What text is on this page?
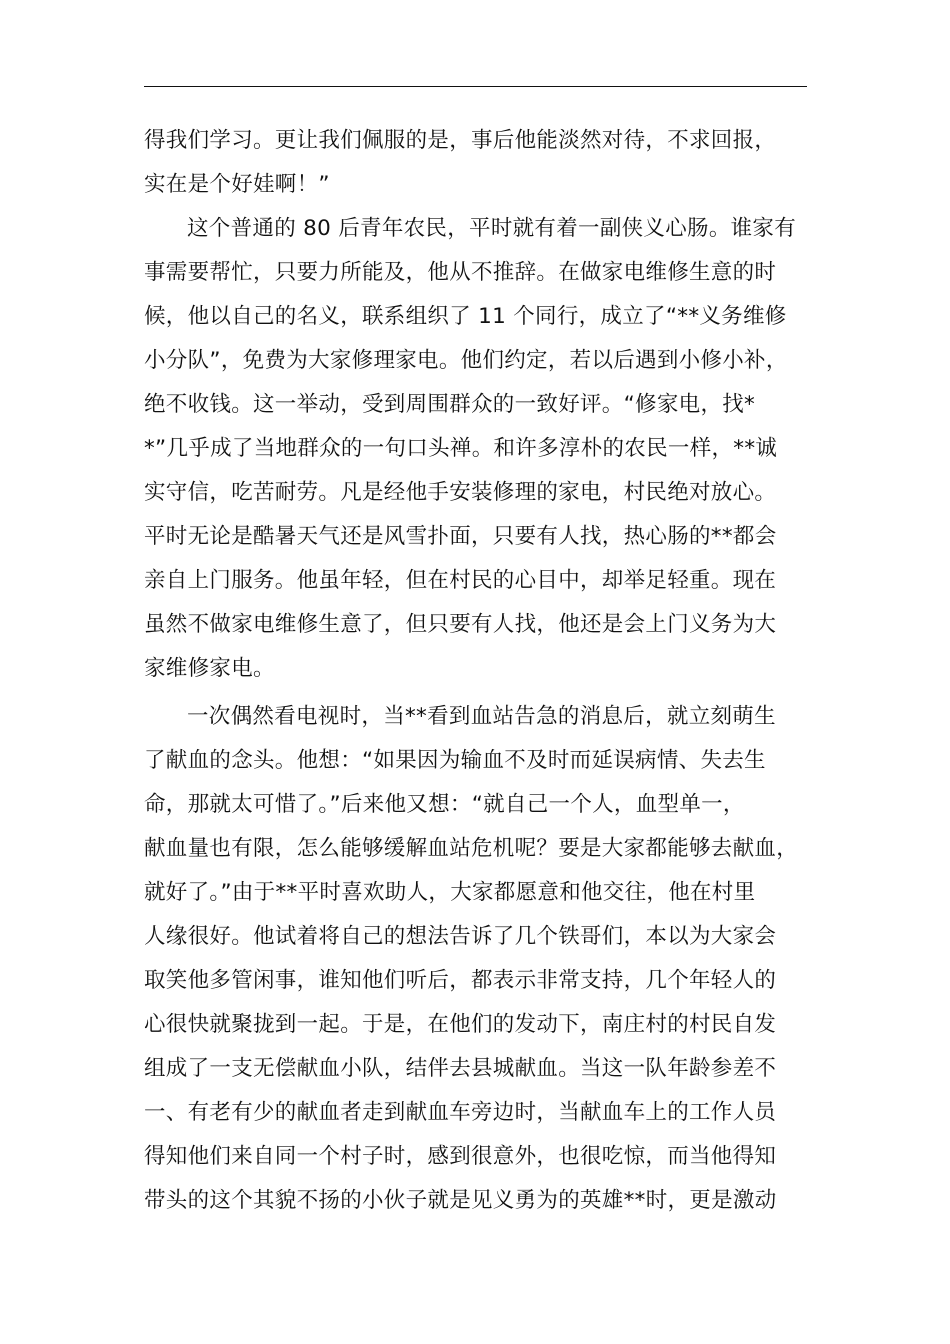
得我们学习。更让我们佩服的是，事后他能淡然对待，不求回报，
实在是个好娃啊！”
这个普通的 80 后青年农民，平时就有着一副侠义心肠。谁家有
事需要帮忙，只要力所能及，他从不推辞。在做家电维修生意的时
候，他以自己的名义，联系组织了 11 个同行，成立了“**义务维修
小分队”，免费为大家修理家电。他们约定，若以后遇到小修小补，
绝不收钱。这一举动，受到周围群众的一致好评。“修家电，找*
*”几乎成了当地群众的一句口头禅。和许多淳朴的农民一样，**诚
实守信，吃苦耐劳。凡是经他手安装修理的家电，村民绝对放心。
平时无论是酷暑天气还是风雪扑面，只要有人找，热心肠的**都会
亲自上门服务。他虽年轻，但在村民的心目中，却举足轻重。现在
虽然不做家电维修生意了，但只要有人找，他还是会上门义务为大
家维修家电。
一次偶然看电视时，当**看到血站告急的消息后，就立刻萌生
了献血的念头。他想：“如果因为输血不及时而延误病情、失去生
命，那就太可惜了。”后来他又想：“就自己一个人，血型单一，
献血量也有限，怎么能够缓解血站危机呢？要是大家都能够去献血，
就好了。”由于**平时喜欢助人，大家都愿意和他交往，他在村里
人缘很好。他试着将自己的想法告诉了几个铁哥们，本以为大家会
取笑他多管闲事，谁知他们听后，都表示非常支持，几个年轻人的
心很快就聚拢到一起。于是，在他们的发动下，南庄村的村民自发
组成了一支无偿献血小队，结伴去县城献血。当这一队年龄参差不
一、有老有少的献血者走到献血车旁边时，当献血车上的工作人员
得知他们来自同一个村子时，感到很意外，也很吃惊，而当他得知
带头的这个其貌不扬的小伙子就是见义勇为的英雄**时，更是激动
